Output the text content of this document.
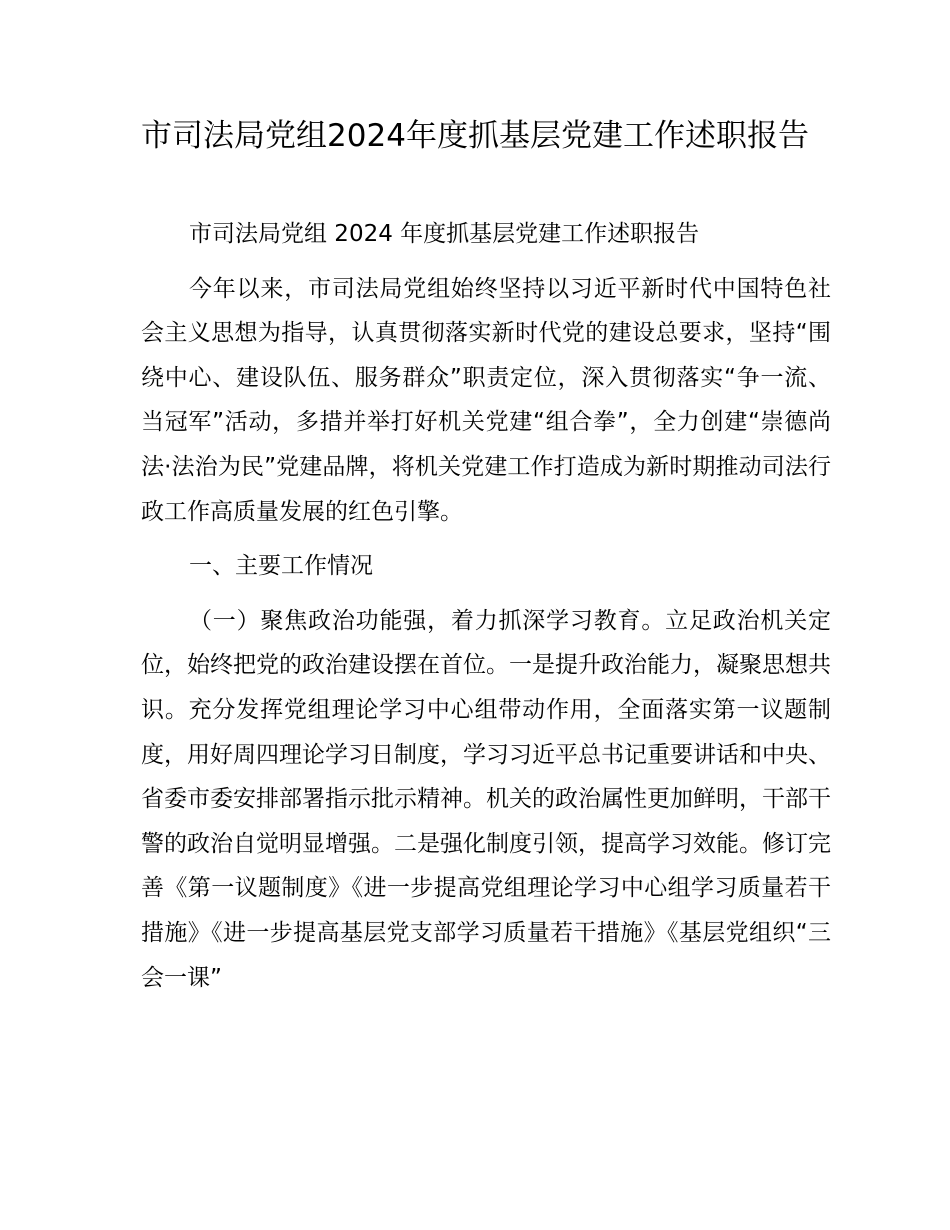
市司法局党组2024年度抓基层党建工作述职报告

市司法局党组 2024 年度抓基层党建工作述职报告

今年以来，市司法局党组始终坚持以习近平新时代中国特色社会主义思想为指导，认真贯彻落实新时代党的建设总要求，坚持“围绕中心、建设队伍、服务群众”职责定位，深入贯彻落实“争一流、当冠军”活动，多措并举打好机关党建“组合拳”，全力创建“崇德尚法·法治为民”党建品牌，将机关党建工作打造成为新时期推动司法行政工作高质量发展的红色引擎。

一、主要工作情况

（一）聚焦政治功能强，着力抓深学习教育。立足政治机关定位，始终把党的政治建设摆在首位。一是提升政治能力，凝聚思想共识。充分发挥党组理论学习中心组带动作用，全面落实第一议题制度，用好周四理论学习日制度，学习习近平总书记重要讲话和中央、省委市委安排部署指示批示精神。机关的政治属性更加鲜明，干部干警的政治自觉明显增强。二是强化制度引领，提高学习效能。修订完善《第一议题制度》《进一步提高党组理论学习中心组学习质量若干措施》《进一步提高基层党支部学习质量若干措施》《基层党组织“三会一课”
